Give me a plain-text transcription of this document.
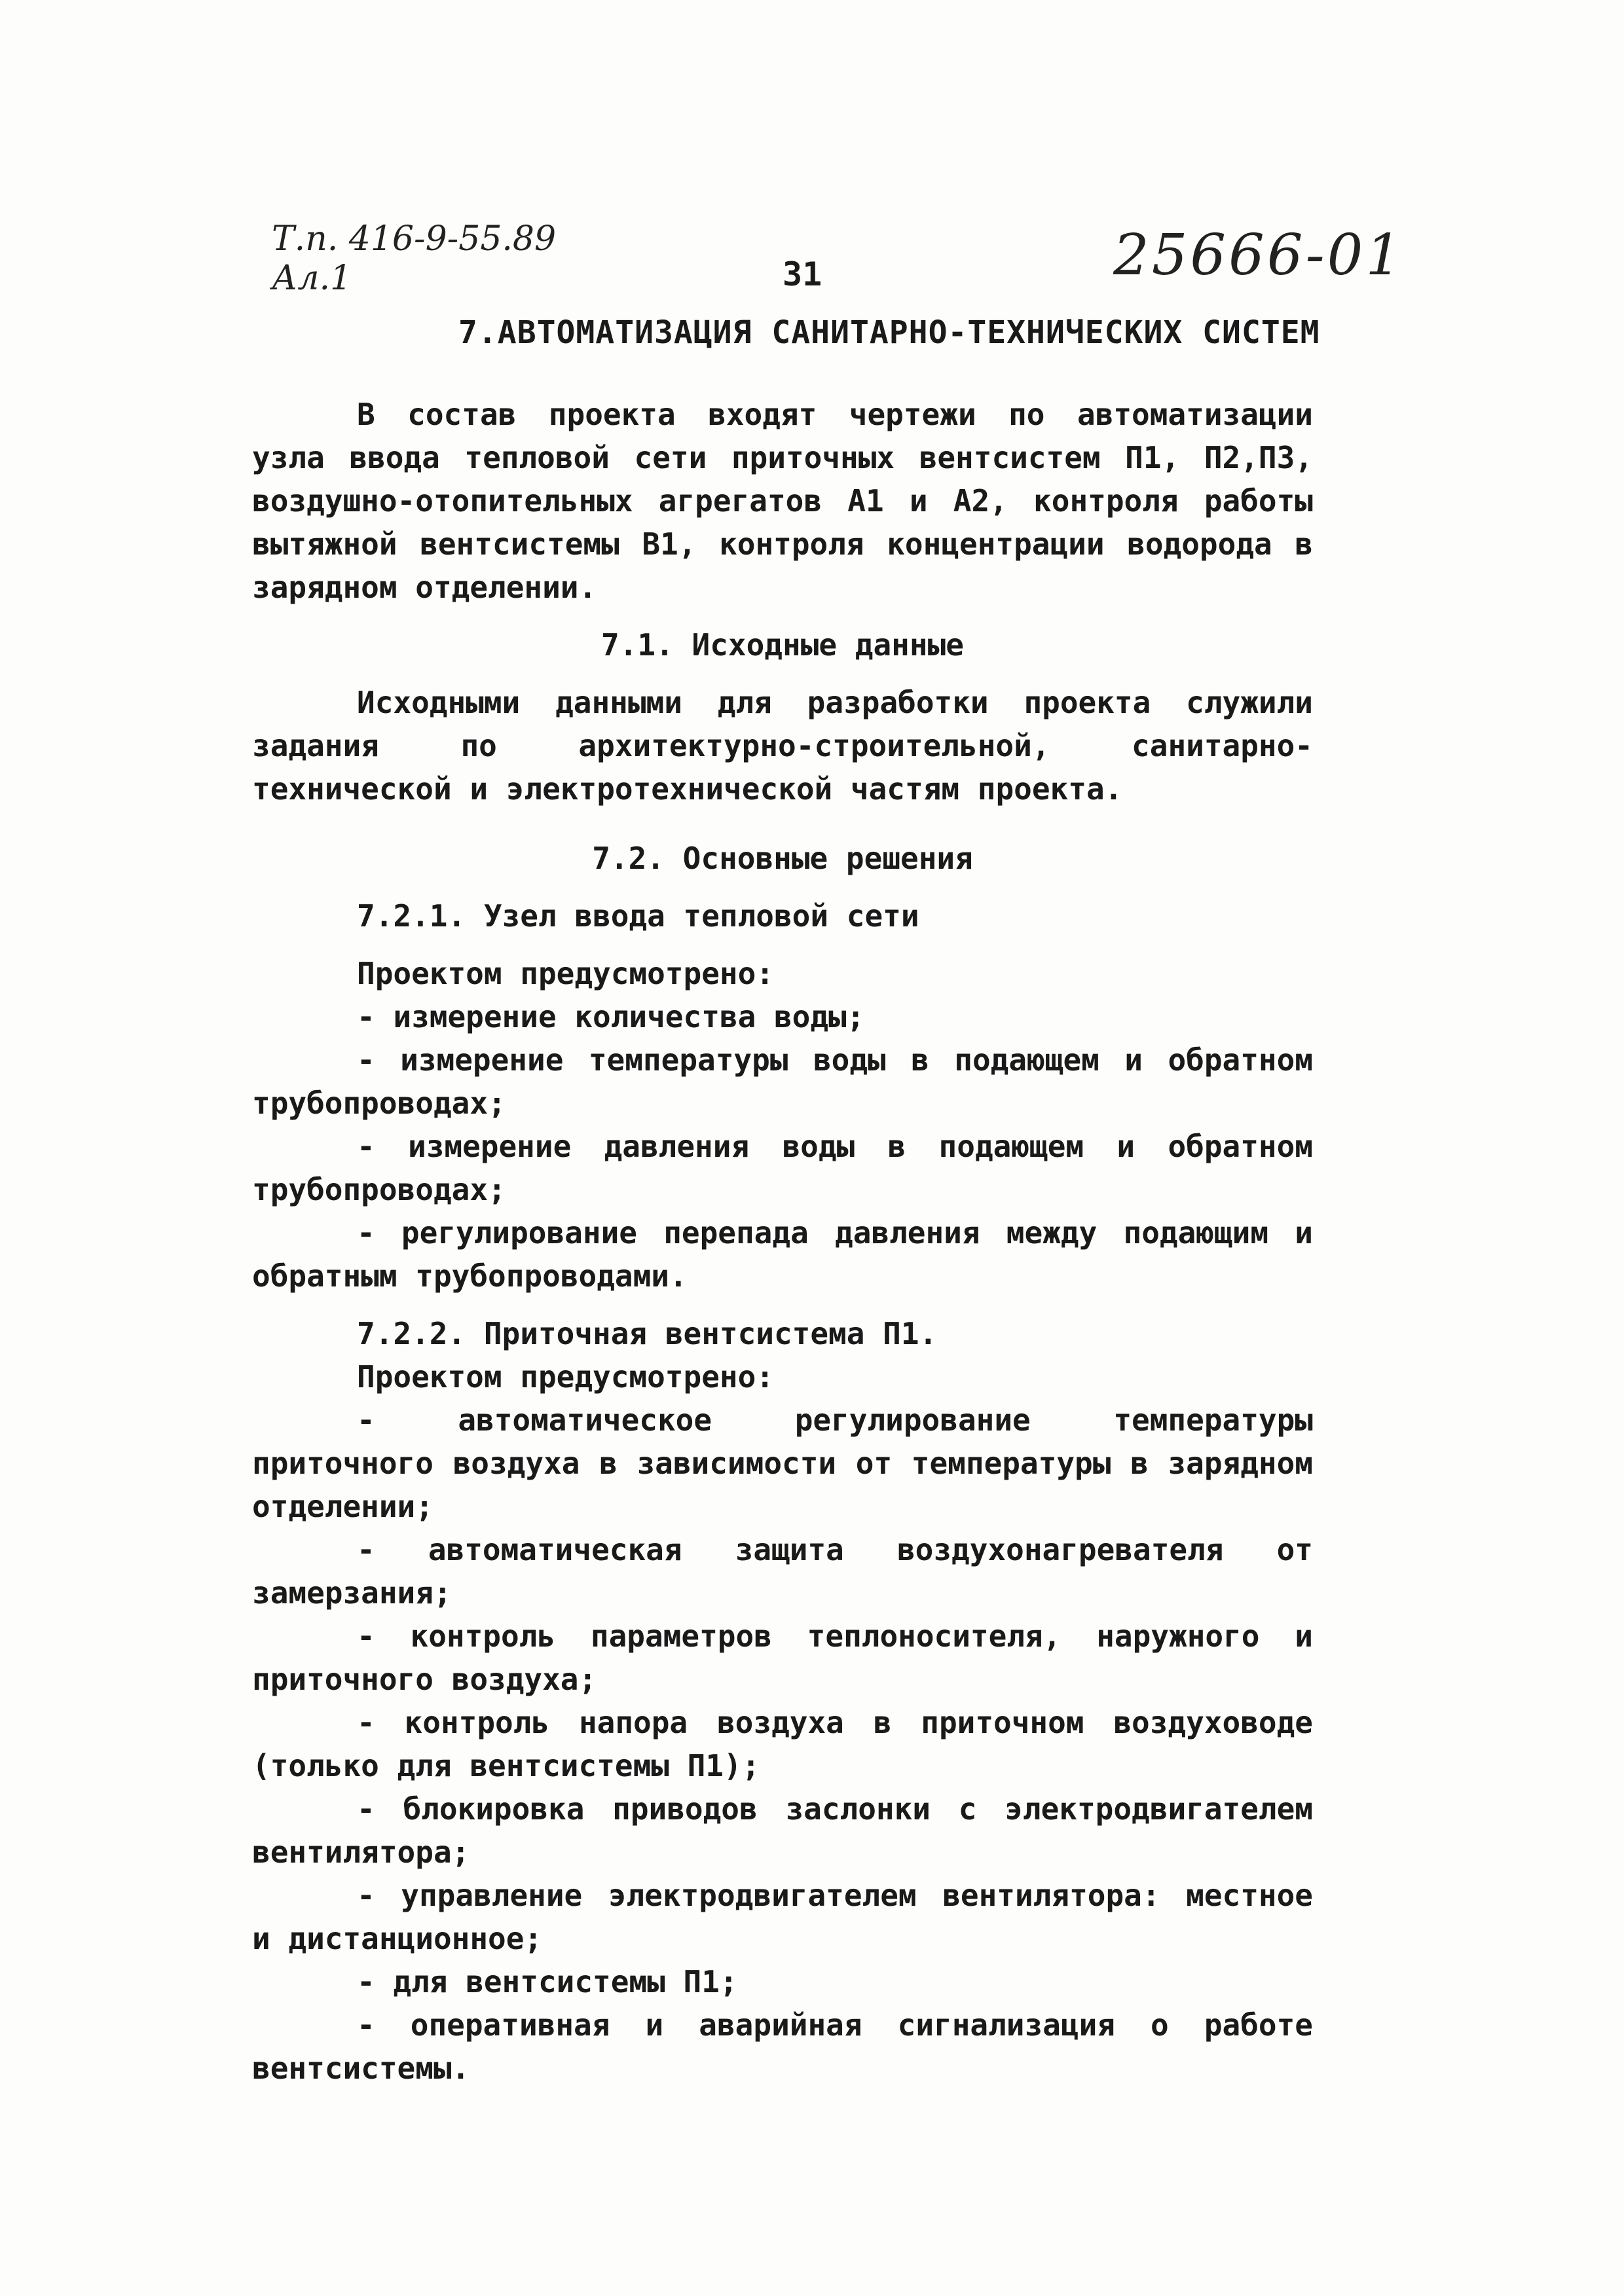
Т.п. 416-9-55.89
Ал.1	25666-01
31
7.АВТОМАТИЗАЦИЯ САНИТАРНО-ТЕХНИЧЕСКИХ СИСТЕМ

В состав проекта входят чертежи по автоматизации узла ввода тепловой сети приточных вентсистем П1, П2,П3, воздушно-отопительных агрегатов А1 и А2, контроля работы вытяжной вентсистемы В1, контроля концентрации водорода в зарядном отделении.

7.1. Исходные данные

Исходными данными для разработки проекта служили задания по архитектурно-строительной, санитарно-технической и электротехнической частям проекта.

7.2. Основные решения

7.2.1. Узел ввода тепловой сети

Проектом предусмотрено:

- измерение количества воды;

- измерение температуры воды в подающем и обратном трубопроводах;

- измерение давления воды в подающем и обратном трубопроводах;

- регулирование перепада давления между подающим и обратным трубопроводами.

7.2.2. Приточная вентсистема П1.

Проектом предусмотрено:

- автоматическое регулирование температуры приточного воздуха в зависимости от температуры в зарядном отделении;

- автоматическая защита воздухонагревателя от замерзания;

- контроль параметров теплоносителя, наружного и приточного воздуха;

- контроль напора воздуха в приточном воздуховоде (только для вентсистемы П1);

- блокировка приводов заслонки с электродвигателем вентилятора;

- управление электродвигателем вентилятора: местное и дистанционное;

- для вентсистемы П1;

- оперативная и аварийная сигнализация о работе вентсистемы.
